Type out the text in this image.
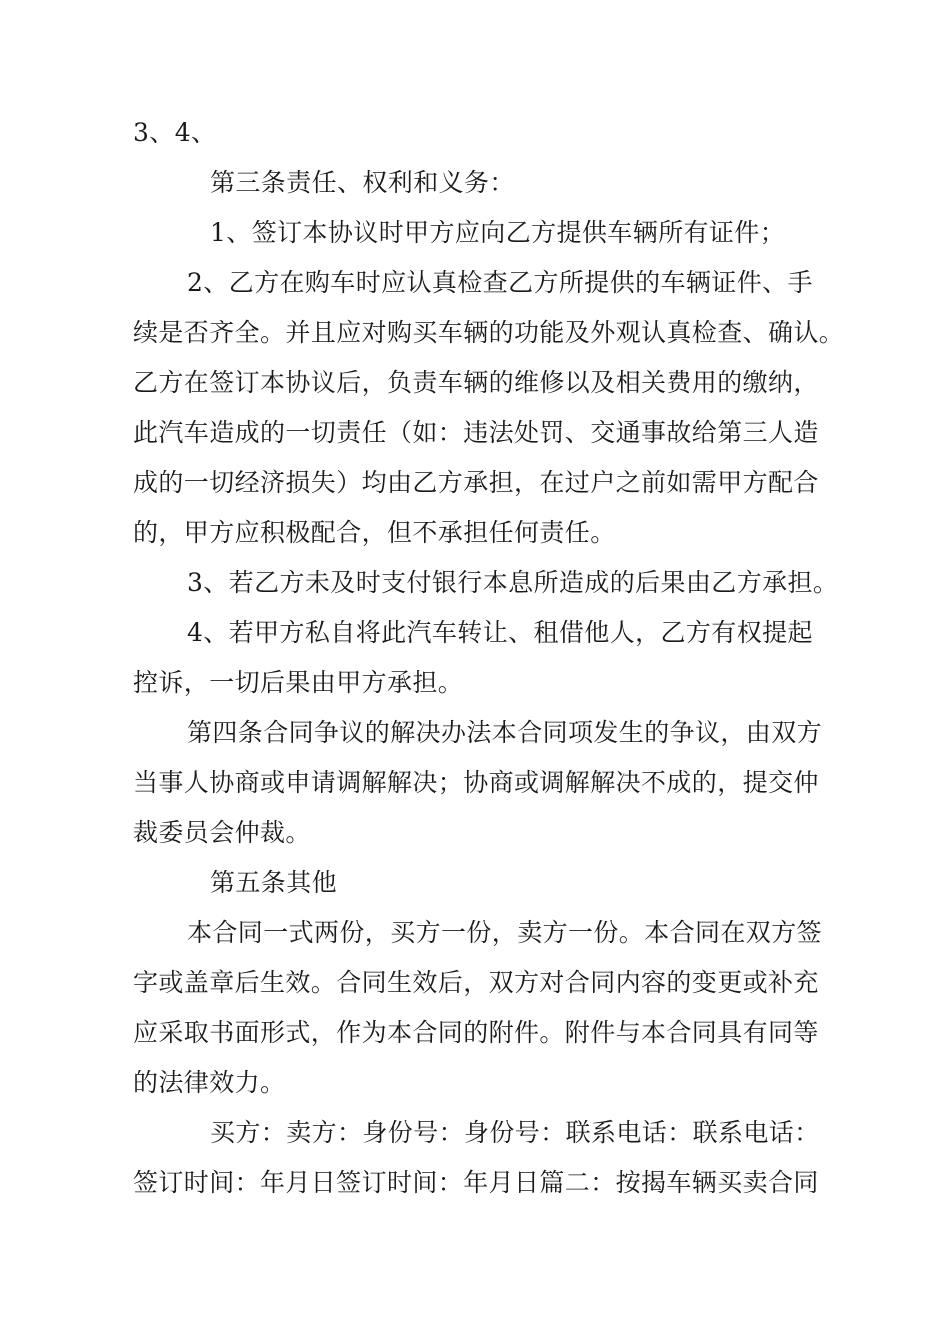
3、4、
第三条责任、权利和义务：
1、签订本协议时甲方应向乙方提供车辆所有证件；
2、乙方在购车时应认真检查乙方所提供的车辆证件、手
续是否齐全。并且应对购买车辆的功能及外观认真检查、确认。
乙方在签订本协议后，负责车辆的维修以及相关费用的缴纳，
此汽车造成的一切责任（如：违法处罚、交通事故给第三人造
成的一切经济损失）均由乙方承担，在过户之前如需甲方配合
的，甲方应积极配合，但不承担任何责任。
3、若乙方未及时支付银行本息所造成的后果由乙方承担。
4、若甲方私自将此汽车转让、租借他人，乙方有权提起
控诉，一切后果由甲方承担。
第四条合同争议的解决办法本合同项发生的争议，由双方
当事人协商或申请调解解决；协商或调解解决不成的，提交仲
裁委员会仲裁。
第五条其他
本合同一式两份，买方一份，卖方一份。本合同在双方签
字或盖章后生效。合同生效后，双方对合同内容的变更或补充
应采取书面形式，作为本合同的附件。附件与本合同具有同等
的法律效力。
买方：卖方：身份号：身份号：联系电话：联系电话：
签订时间：年月日签订时间：年月日篇二：按揭车辆买卖合同
